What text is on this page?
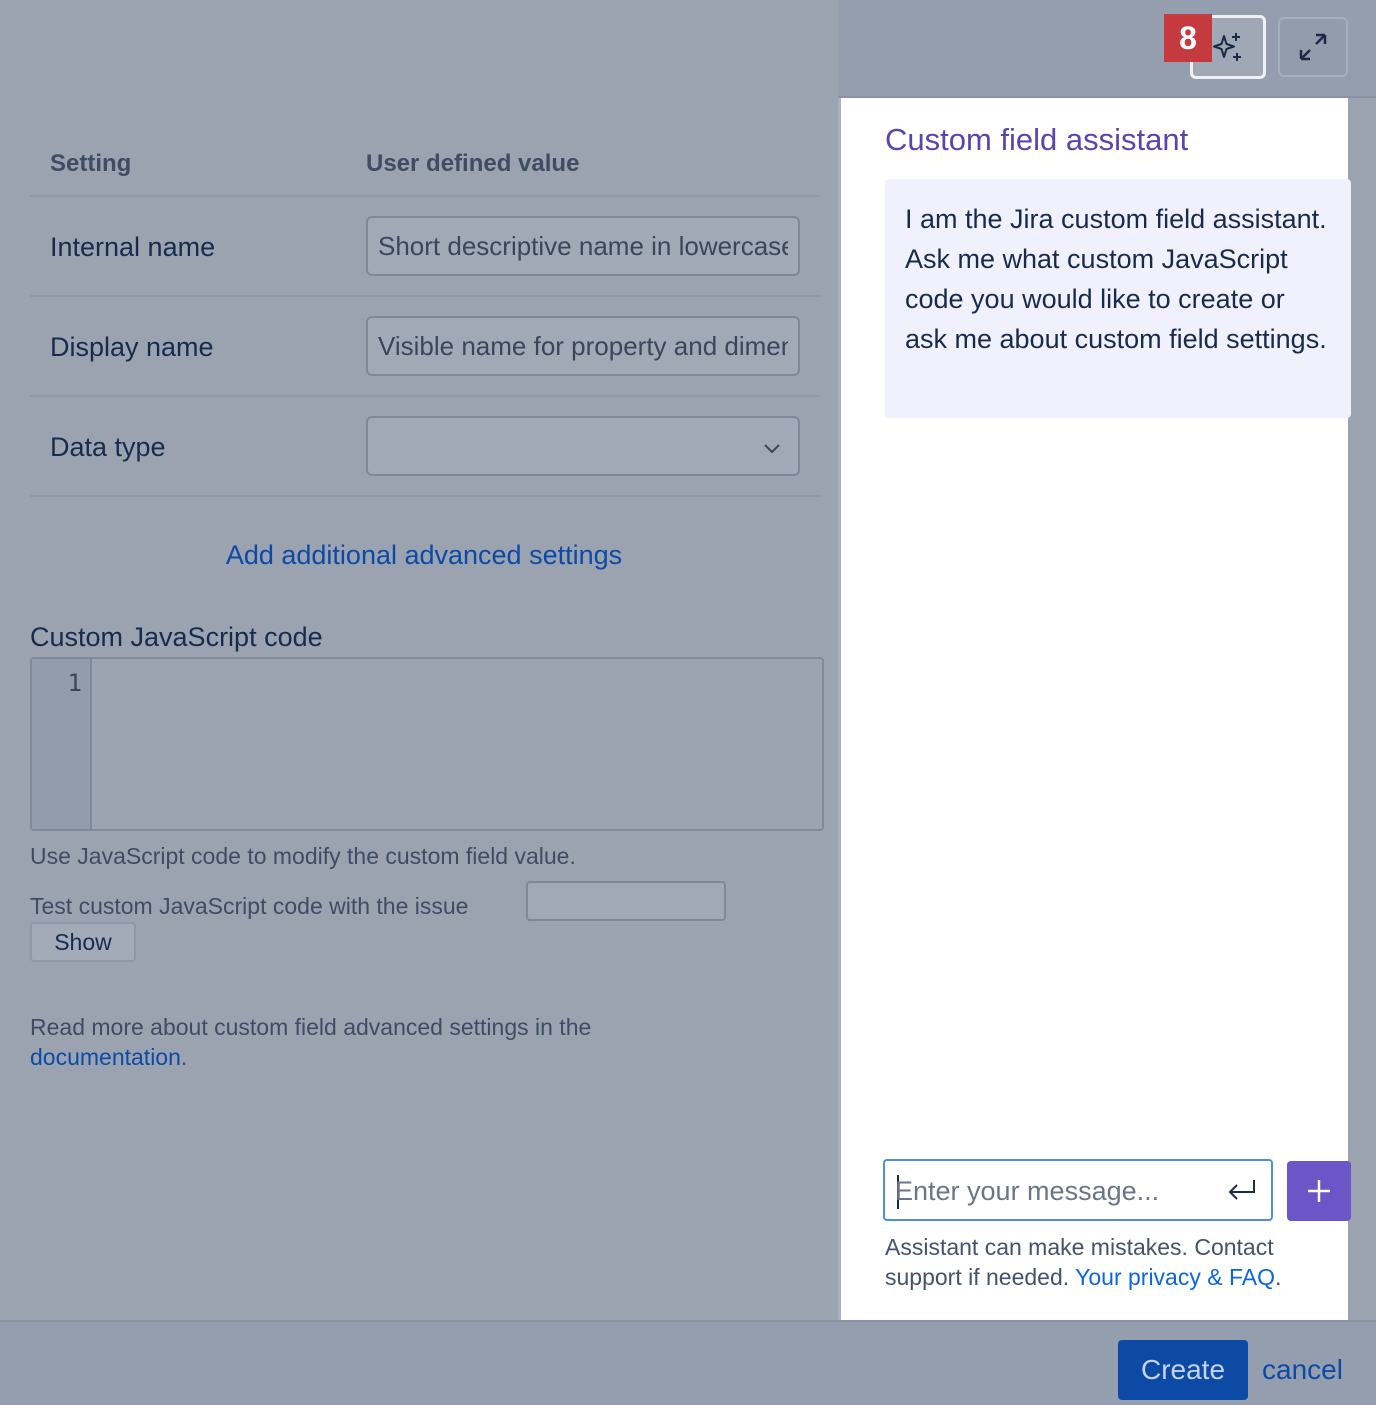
8
Setting	User defined value
Internal name
Short descriptive name in lowercase
Display name
Visible name for property and dimension
Data type
Add additional advanced settings
Custom JavaScript code
1
Use JavaScript code to modify the custom field value.
Test custom JavaScript code with the issue
Show
Read more about custom field advanced settings in the
documentation.
Custom field assistant
I am the Jira custom field assistant. Ask me what custom JavaScript code you would like to create or ask me about custom field settings.
Enter your message...
Assistant can make mistakes. Contact support if needed. Your privacy & FAQ.
Create	cancel
